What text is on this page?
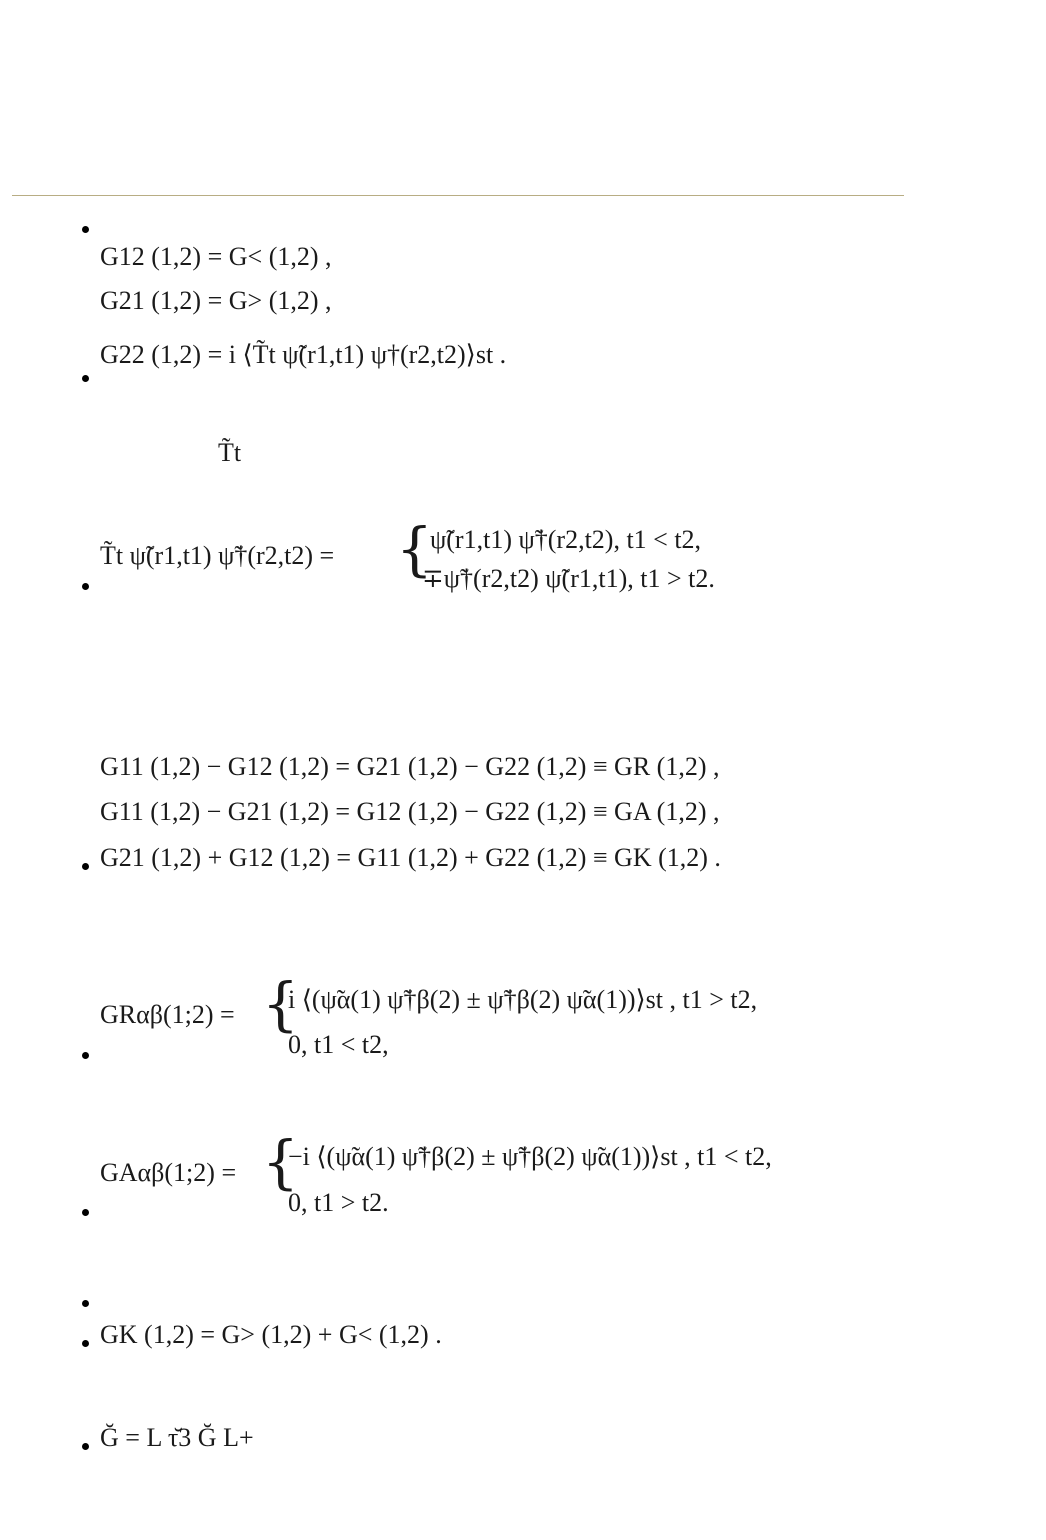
G12 (1,2) = G< (1,2) ,
G21 (1,2) = G> (1,2) ,
G22 (1,2) = i ⟨T̃t ψ̃(r1,t1) ψ†(r2,t2)⟩st .
T̃t
T̃t ψ̃(r1,t1) ψ̃†(r2,t2) = {
ψ̃(r1,t1) ψ̃†(r2,t2), t1 < t2,
∓ψ̃†(r2,t2) ψ̃(r1,t1), t1 > t2.
G11 (1,2) − G12 (1,2) = G21 (1,2) − G22 (1,2) ≡ GR (1,2) ,
G11 (1,2) − G21 (1,2) = G12 (1,2) − G22 (1,2) ≡ GA (1,2) ,
G21 (1,2) + G12 (1,2) = G11 (1,2) + G22 (1,2) ≡ GK (1,2) .
GRαβ(1;2) = {
i ⟨(ψ̃α(1) ψ̃†β(2) ± ψ̃†β(2) ψ̃α(1))⟩st , t1 > t2,
0, t1 < t2,
GAαβ(1;2) = {
−i ⟨(ψ̃α(1) ψ̃†β(2) ± ψ̃†β(2) ψ̃α(1))⟩st , t1 < t2,
0, t1 > t2.
GK (1,2) = G> (1,2) + G< (1,2) .
Ğ = L τ̆3 Ğ L+
